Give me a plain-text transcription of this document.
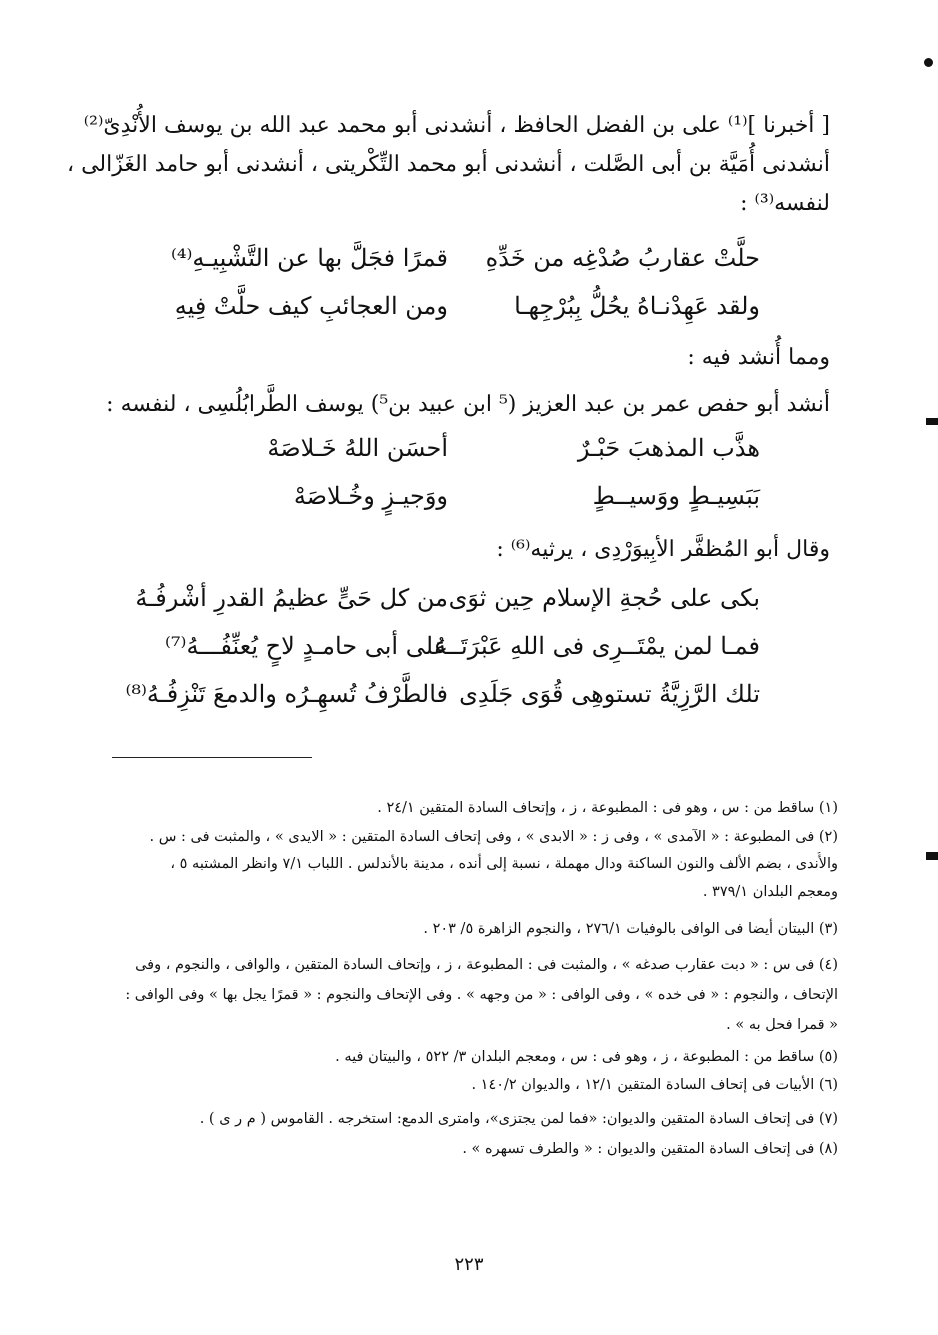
[ أخبرنا ]⁽¹⁾ على بن الفضل الحافظ ، أنشدنى أبو محمد عبد الله بن يوسف الأُنْدِىّ⁽²⁾
أنشدنى أُمَيَّة بن أبى الصَّلت ، أنشدنى أبو محمد التِّكْريتى ، أنشدنى أبو حامد الغَزّالى ،
لنفسه⁽³⁾ :
حلَّتْ عقاربُ صُدْغِه من خَدِّهِ
قمرًا فجَلَّ بها عن التَّشْبِيـهِ⁽⁴⁾
ولقد عَهِدْنـاهُ يحُلُّ بِبُرْجِهـا
ومن العجائبِ كيف حلَّتْ فِيهِ
ومما أُنشد فيه :
أنشد أبو حفص عمر بن عبد العزيز (⁵ ابن عبيد بن⁵) يوسف الطَّرابُلُسِى ، لنفسه :
هذَّب المذهبَ حَبْـرٌ
أحسَن اللهُ خَـلاصَهْ
بَبَسِيـطٍ ووَسيــطٍ
ووَجيـزٍ وخُـلاصَهْ
وقال أبو المُظفَّر الأبِيوَرْدِى ، يرثيه⁽⁶⁾ :
بكى على حُجةِ الإسلام حِين ثوَى
من كل حَىٍّ عظيمُ القدرِ أشْرفُـهُ
فمـا لمن يمْتَــرِى فى اللهِ عَبْرَتَــهُ
على أبى حامـدٍ لاحٍ يُعنِّفُـــهُ⁽⁷⁾
تلك الرَّزِيَّةُ تستوهِى قُوَى جَلَدِى
فالطَّرْفُ تُسهِـرُه والدمعَ تَنْزِفُـهُ⁽⁸⁾
(١) ساقط من : س ، وهو فى : المطبوعة ، ز ، وإتحاف السادة المتقين ٢٤/١ .
(٢) فى المطبوعة : « الآمدى » ، وفى ز : « الابدى » ، وفى إتحاف السادة المتقين : « الايدى » ، والمثبت فى : س .
والأُندى ، بضم الألف والنون الساكنة ودال مهملة ، نسبة إلى أنده ، مدينة بالأندلس . اللباب ٧/١ وانظر المشتبه ٥ ،
ومعجم البلدان ٣٧٩/١ .
(٣) البيتان أيضا فى الوافى بالوفيات ٢٧٦/١ ، والنجوم الزاهرة ٥/ ٢٠٣ .
(٤) فى س : « دبت عقارب صدغه » ، والمثبت فى : المطبوعة ، ز ، وإتحاف السادة المتقين ، والوافى ، والنجوم ، وفى
الإتحاف ، والنجوم : « فى خده » ، وفى الوافى : « من وجهه » . وفى الإتحاف والنجوم : « قمرًا يجل بها » وفى الوافى :
« قمرا فحل به » .
(٥) ساقط من : المطبوعة ، ز ، وهو فى : س ، ومعجم البلدان ٣/ ٥٢٢ ، والبيتان فيه .
(٦) الأبيات فى إتحاف السادة المتقين ١٢/١ ، والديوان ١٤٠/٢ .
(٧) فى إتحاف السادة المتقين والديوان: «فما لمن يجتزى»، وامترى الدمع: استخرجه . القاموس ( م ر ى ) .
(٨) فى إتحاف السادة المتقين والديوان : « والطرف تسهره » .
٢٢٣
